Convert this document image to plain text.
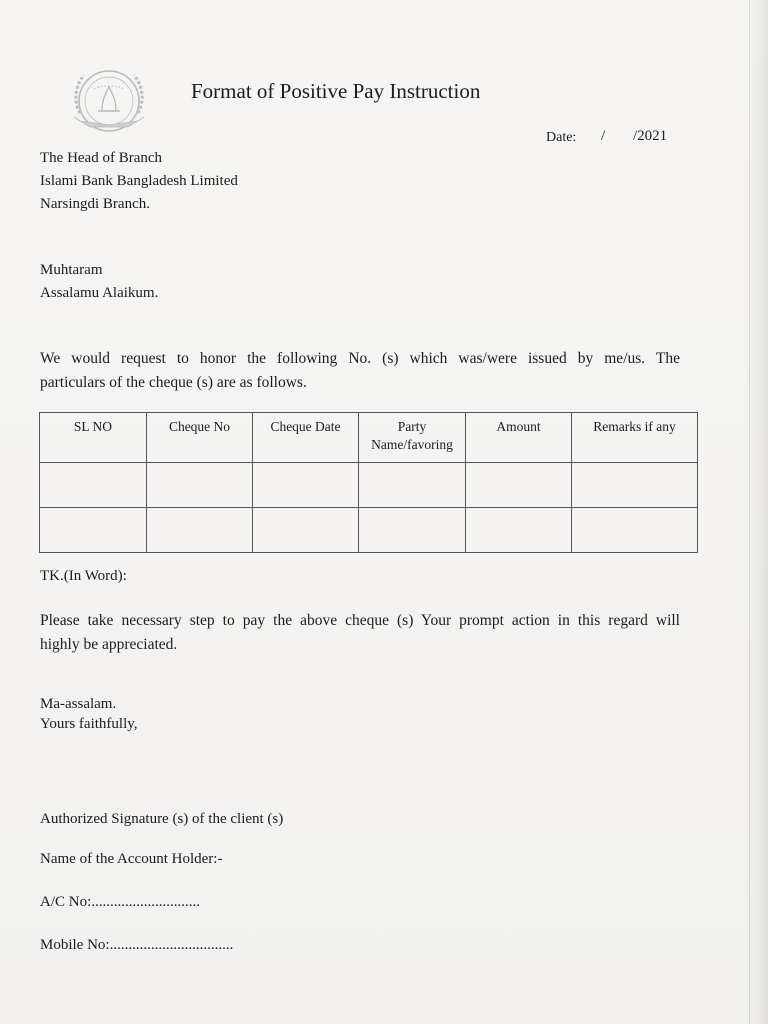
Format of Positive Pay Instruction
Date: / /2021
The Head of Branch
Islami Bank Bangladesh Limited
Narsingdi Branch.
Muhtaram
Assalamu Alaikum.
We would request to honor the following No. (s) which was/were issued by me/us. The
particulars of the cheque (s) are as follows.
SL NO	Cheque No	Cheque Date	Party Name/favoring	Amount	Remarks if any

TK.(In Word):
Please take necessary step to pay the above cheque (s) Your prompt action in this regard will
highly be appreciated.
Ma-assalam.
Yours faithfully,
Authorized Signature (s) of the client (s)
Name of the Account Holder:-
A/C No:.............................
Mobile No:.................................
